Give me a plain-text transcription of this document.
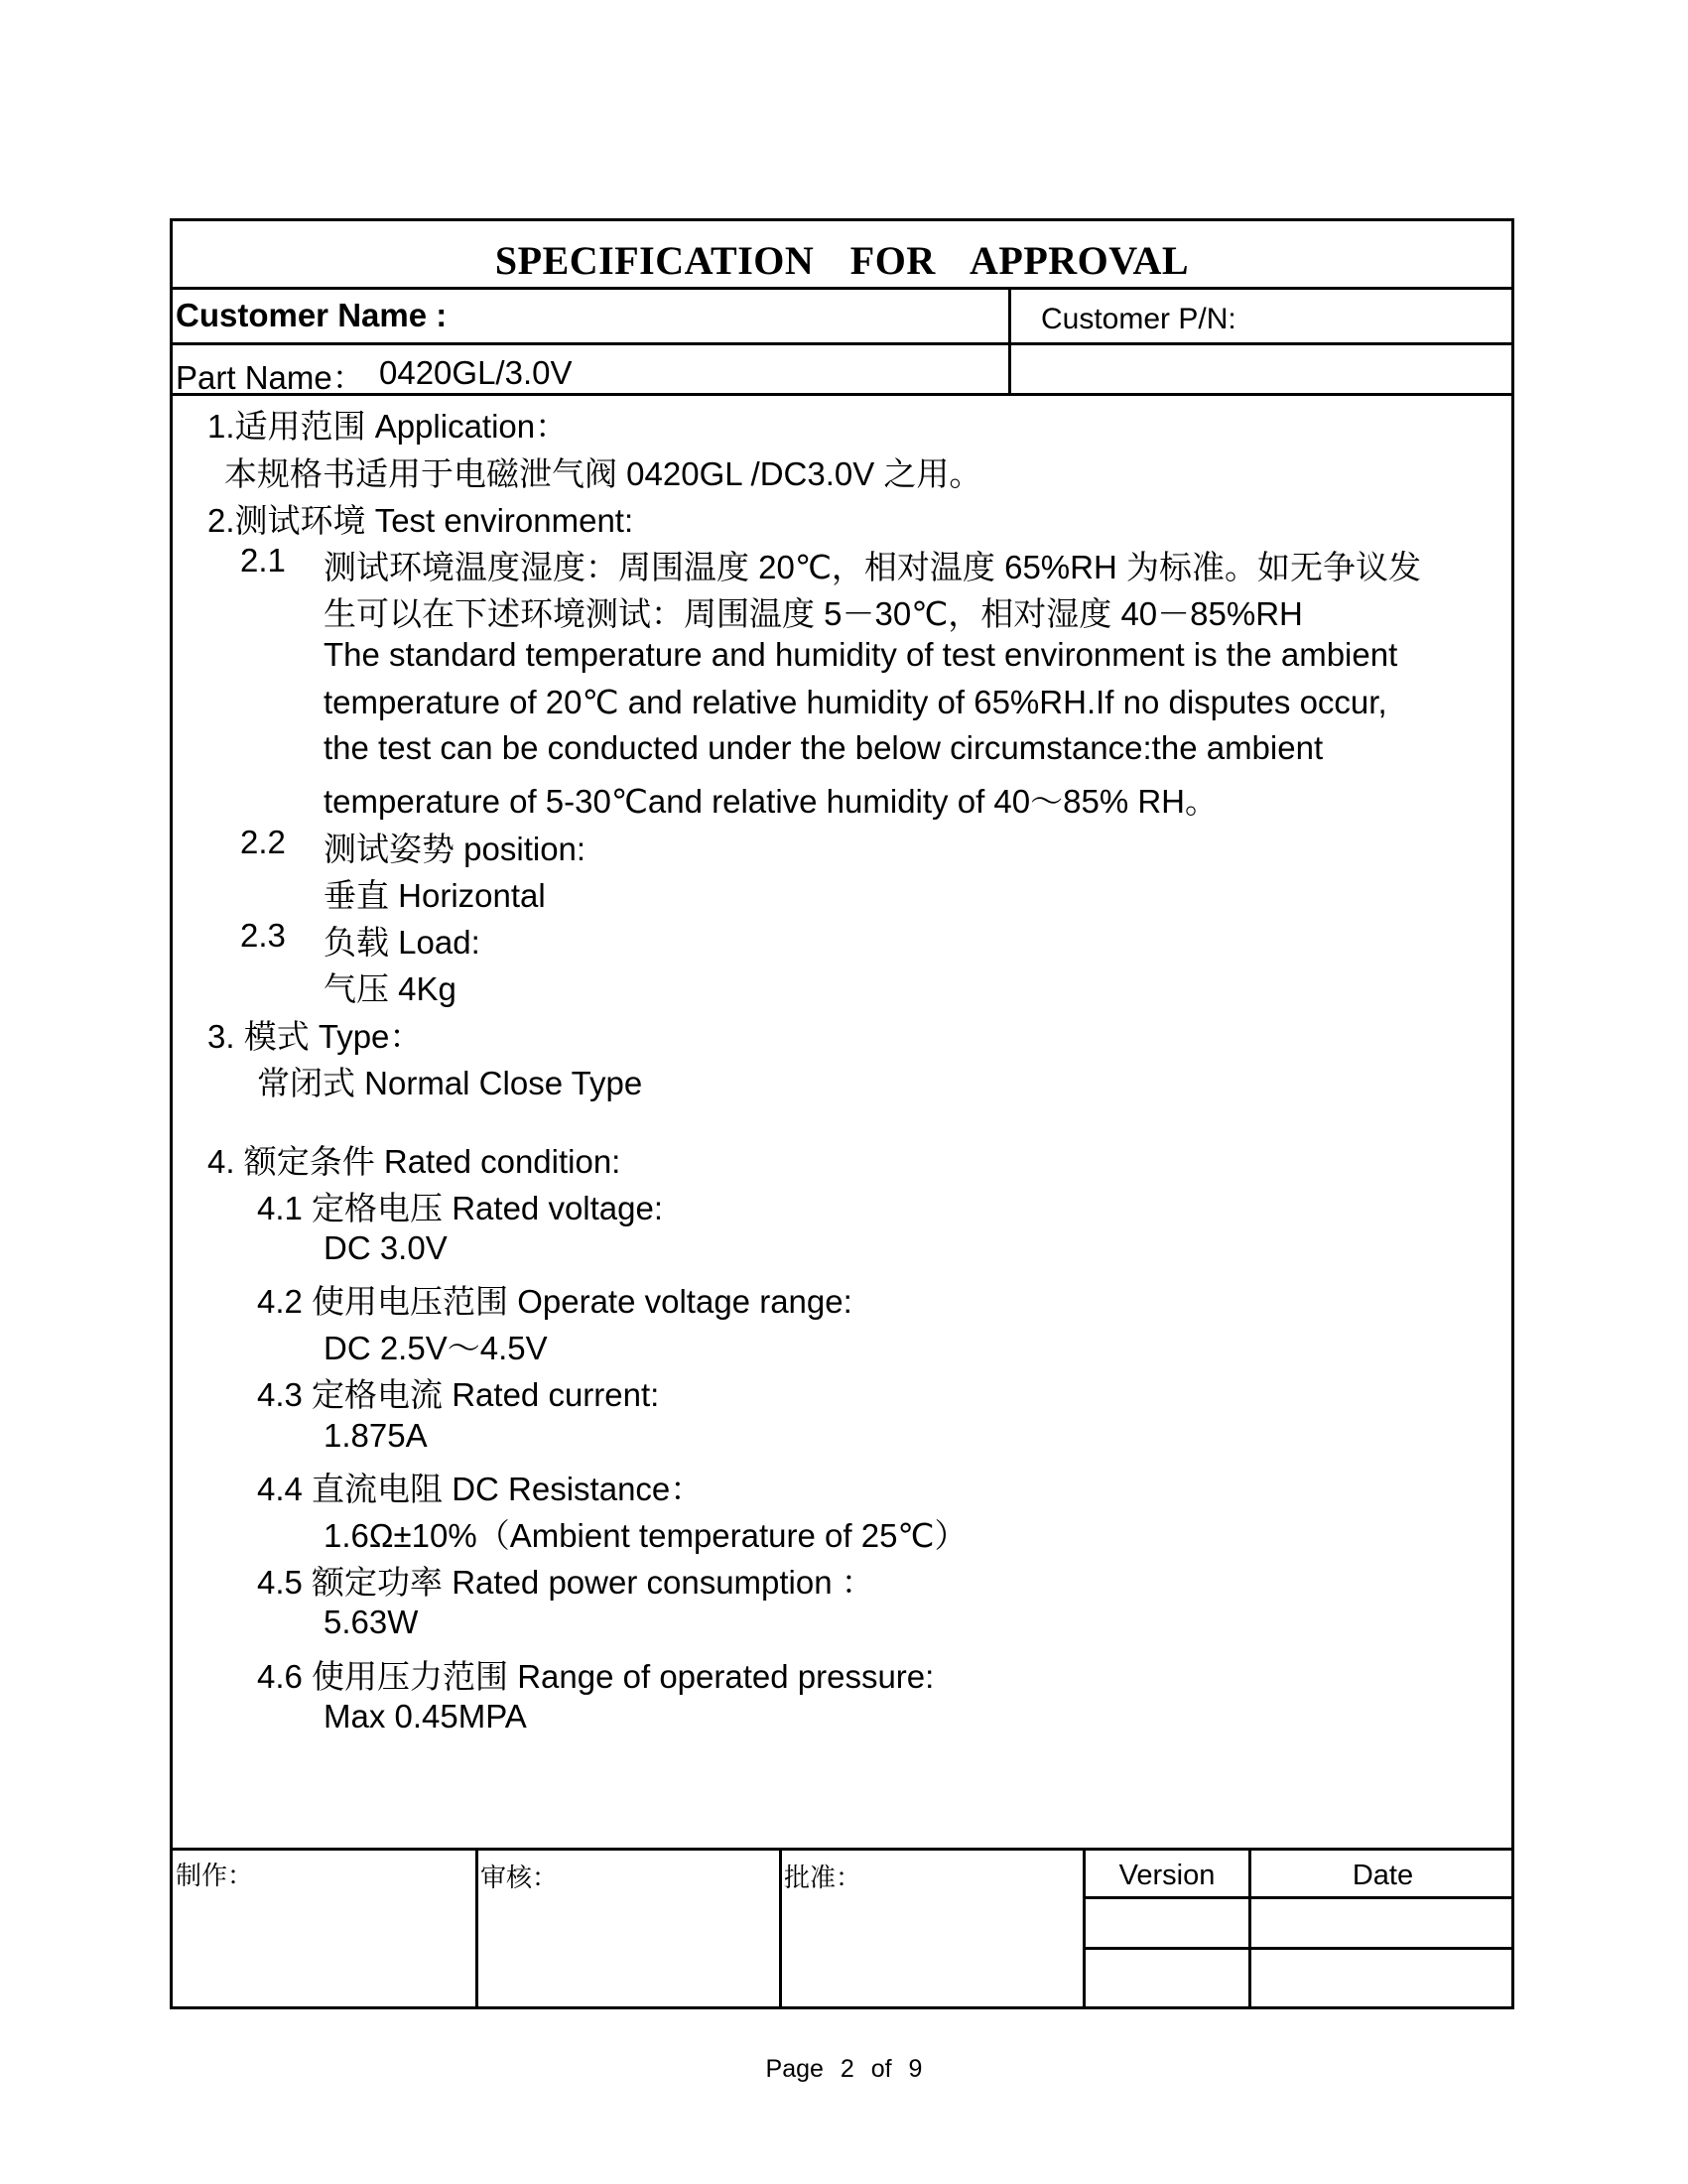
SPECIFICATION FOR APPROVAL
Customer Name :	Customer P/N:
Part Name： 0420GL/3.0V
1.适用范围 Application：
本规格书适用于电磁泄气阀 0420GL /DC3.0V 之用。
2.测试环境 Test environment:
2.1 测试环境温度湿度：周围温度 20℃，相对温度 65%RH 为标准。如无争议发
生可以在下述环境测试：周围温度 5－30℃，相对湿度 40－85%RH
The standard temperature and humidity of test environment is the ambient
temperature of 20℃ and relative humidity of 65%RH.If no disputes occur,
the test can be conducted under the below circumstance:the ambient
temperature of 5-30℃and relative humidity of 40～85% RH。
2.2 测试姿势 position:
垂直 Horizontal
2.3 负载 Load:
气压 4Kg
3. 模式 Type：
常闭式 Normal Close Type
4. 额定条件 Rated condition:
4.1 定格电压 Rated voltage:
DC 3.0V
4.2 使用电压范围 Operate voltage range:
DC 2.5V～4.5V
4.3 定格电流 Rated current:
1.875A
4.4 直流电阻 DC Resistance：
1.6Ω±10%（Ambient temperature of 25℃）
4.5 额定功率 Rated power consumption ：
5.63W
4.6 使用压力范围 Range of operated pressure:
Max 0.45MPA
制作：	审核：	批准：	Version	Date
Page 2 of 9
